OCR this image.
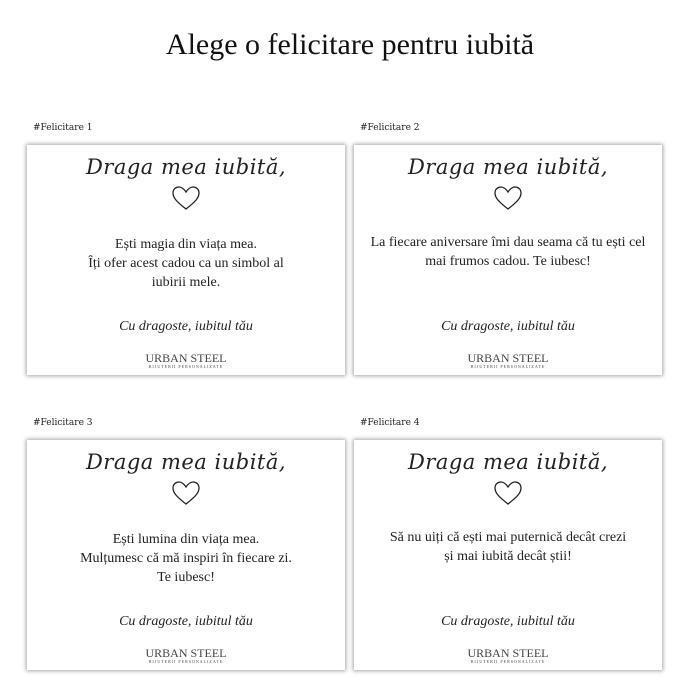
Alege o felicitare pentru iubită
#Felicitare 1
Draga mea iubită,
Ești magia din viața mea.
Îți ofer acest cadou ca un simbol al
iubirii mele.
Cu dragoste, iubitul tău
URBAN STEEL
BIJUTERII PERSONALIZATE
#Felicitare 2
Draga mea iubită,
La fiecare aniversare îmi dau seama că tu ești cel
mai frumos cadou. Te iubesc!
Cu dragoste, iubitul tău
URBAN STEEL
BIJUTERII PERSONALIZATE
#Felicitare 3
Draga mea iubită,
Ești lumina din viața mea.
Mulțumesc că mă inspiri în fiecare zi.
Te iubesc!
Cu dragoste, iubitul tău
URBAN STEEL
BIJUTERII PERSONALIZATE
#Felicitare 4
Draga mea iubită,
Să nu uiți că ești mai puternică decât crezi
și mai iubită decât știi!
Cu dragoste, iubitul tău
URBAN STEEL
BIJUTERII PERSONALIZATE
